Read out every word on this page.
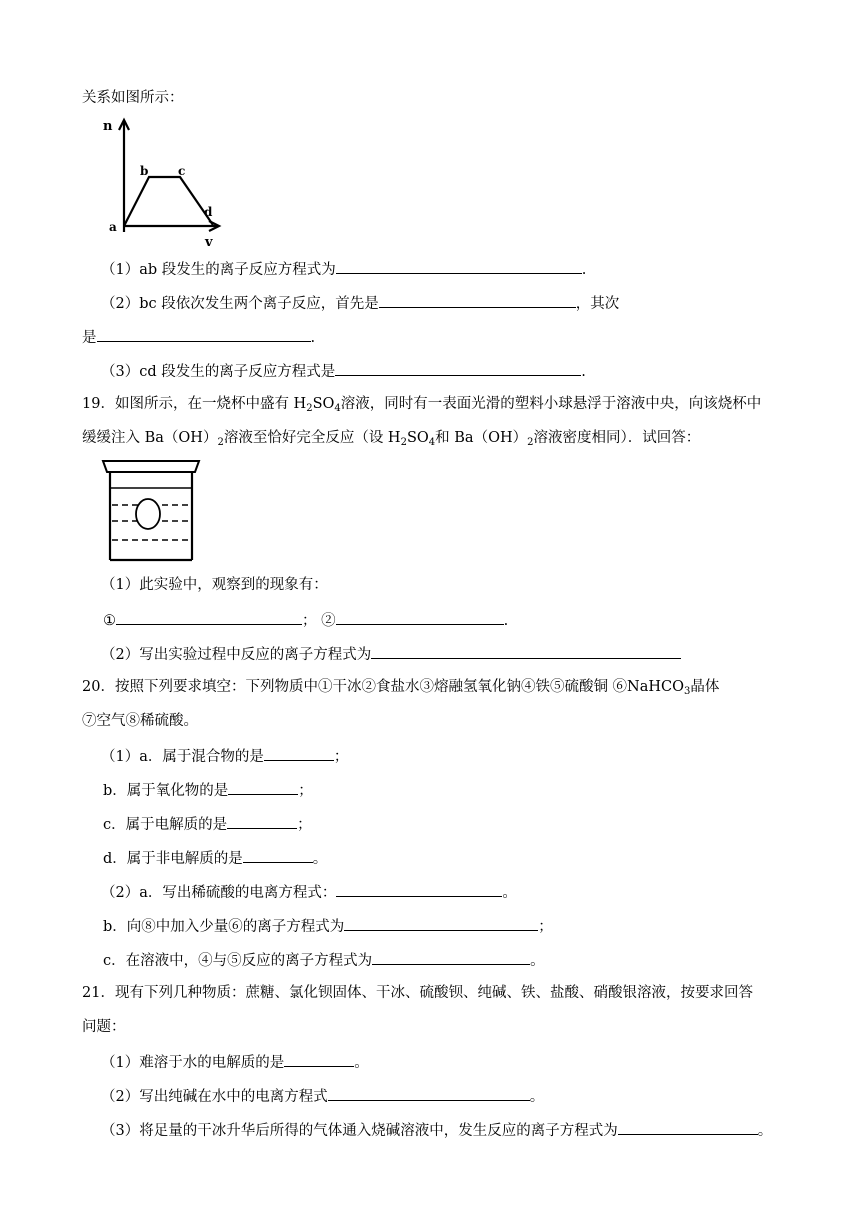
关系如图所示：
n
v
a
b c
d
（1）ab 段发生的离子反应方程式为	.
（2）bc 段依次发生两个离子反应，首先是	，其次
是	.
（3）cd 段发生的离子反应方程式是	.
19．如图所示，在一烧杯中盛有 $H_2SO_4$溶液，同时有一表面光滑的塑料小球悬浮于溶液中央，向该烧杯中
缓缓注入 $Ba(OH)_2$溶液至恰好完全反应（设 $H_2SO_4$和 $Ba(OH)_2$溶液密度相同）．试回答：
（1）此实验中，观察到的现象有：
①	； ②	.
（2）写出实验过程中反应的离子方程式为
20．按照下列要求填空：下列物质中①干冰②食盐水③熔融氢氧化钠④铁⑤硫酸铜 ⑥NaHCO$_3$晶体
⑦空气⑧稀硫酸。
（1）a．属于混合物的是	；
b．属于氧化物的是	；
c．属于电解质的是	；
d．属于非电解质的是	。
（2）a．写出稀硫酸的电离方程式：	。
b．向⑧中加入少量⑥的离子方程式为	；
c．在溶液中，④与⑤反应的离子方程式为	。
21．现有下列几种物质：蔗糖、氯化钡固体、干冰、硫酸钡、纯碱、铁、盐酸、硝酸银溶液，按要求回答
问题：
（1）难溶于水的电解质的是	。
（2）写出纯碱在水中的电离方程式	。
（3）将足量的干冰升华后所得的气体通入烧碱溶液中，发生反应的离子方程式为	。
